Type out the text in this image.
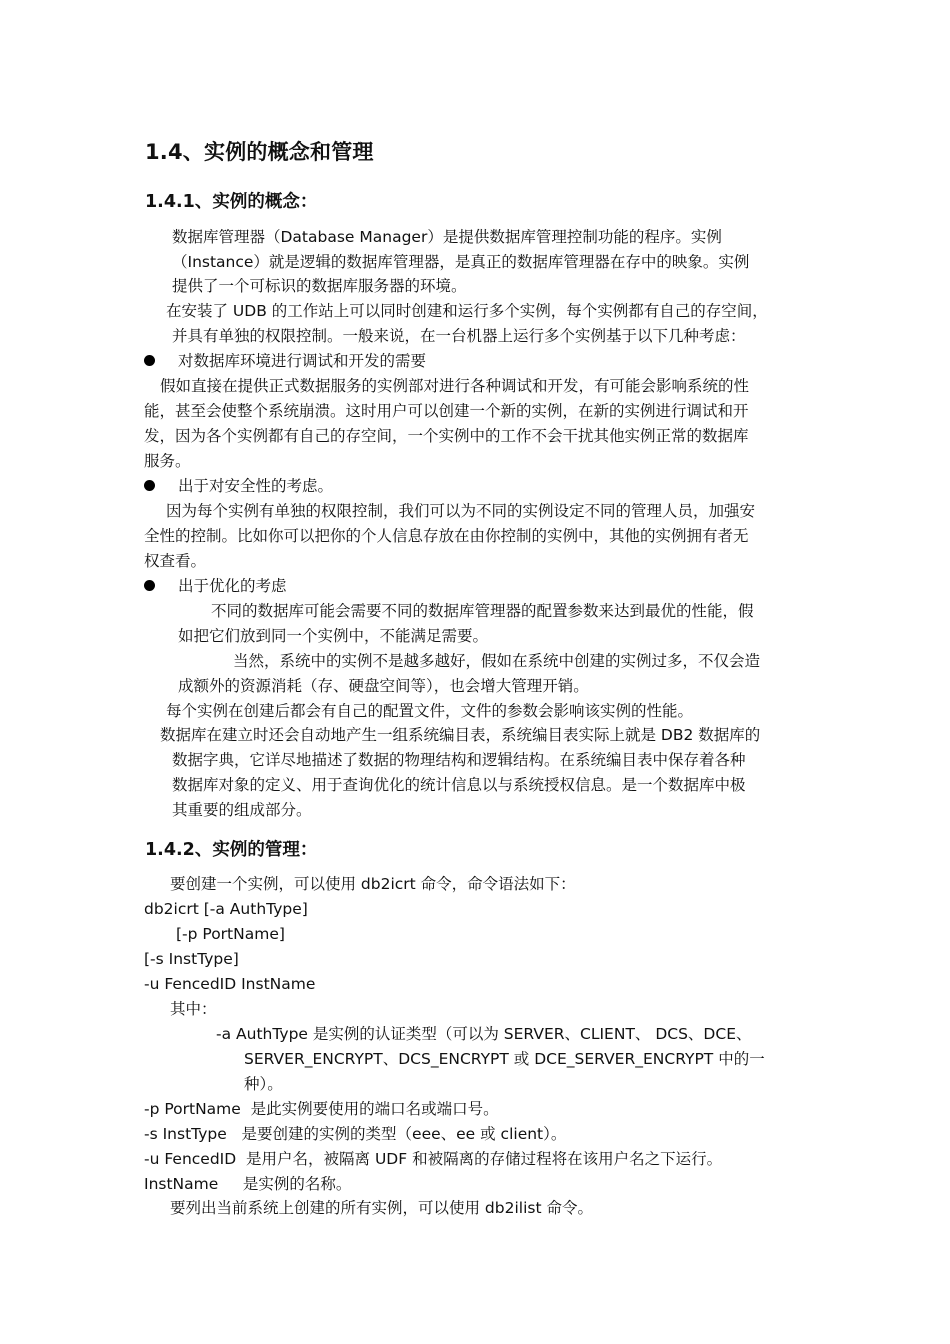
1.4、实例的概念和管理
1.4.1、实例的概念：
数据库管理器（Database Manager）是提供数据库管理控制功能的程序。实例
（Instance）就是逻辑的数据库管理器，是真正的数据库管理器在存中的映象。实例
提供了一个可标识的数据库服务器的环境。
在安装了 UDB 的工作站上可以同时创建和运行多个实例，每个实例都有自己的存空间，
并具有单独的权限控制。一般来说，在一台机器上运行多个实例基于以下几种考虑：
对数据库环境进行调试和开发的需要
假如直接在提供正式数据服务的实例部对进行各种调试和开发，有可能会影响系统的性
能，甚至会使整个系统崩溃。这时用户可以创建一个新的实例，在新的实例进行调试和开
发，因为各个实例都有自己的存空间，一个实例中的工作不会干扰其他实例正常的数据库
服务。
出于对安全性的考虑。
因为每个实例有单独的权限控制，我们可以为不同的实例设定不同的管理人员，加强安
全性的控制。比如你可以把你的个人信息存放在由你控制的实例中，其他的实例拥有者无
权查看。
出于优化的考虑
不同的数据库可能会需要不同的数据库管理器的配置参数来达到最优的性能，假
如把它们放到同一个实例中，不能满足需要。
当然，系统中的实例不是越多越好，假如在系统中创建的实例过多，不仅会造
成额外的资源消耗（存、硬盘空间等），也会增大管理开销。
每个实例在创建后都会有自己的配置文件，文件的参数会影响该实例的性能。
数据库在建立时还会自动地产生一组系统编目表，系统编目表实际上就是 DB2 数据库的
数据字典，它详尽地描述了数据的物理结构和逻辑结构。在系统编目表中保存着各种
数据库对象的定义、用于查询优化的统计信息以与系统授权信息。是一个数据库中极
其重要的组成部分。
1.4.2、实例的管理：
要创建一个实例，可以使用 db2icrt 命令，命令语法如下：
db2icrt [-a AuthType]
[-p PortName]
[-s InstType]
-u FencedID InstName
其中：
-a AuthType 是实例的认证类型（可以为 SERVER、CLIENT、 DCS、DCE、
SERVER_ENCRYPT、DCS_ENCRYPT 或 DCE_SERVER_ENCRYPT 中的一
种）。
-p PortName  是此实例要使用的端口名或端口号。
-s InstType   是要创建的实例的类型（eee、ee 或 client）。
-u FencedID  是用户名，被隔离 UDF 和被隔离的存储过程将在该用户名之下运行。
InstName     是实例的名称。
要列出当前系统上创建的所有实例，可以使用 db2ilist 命令。
